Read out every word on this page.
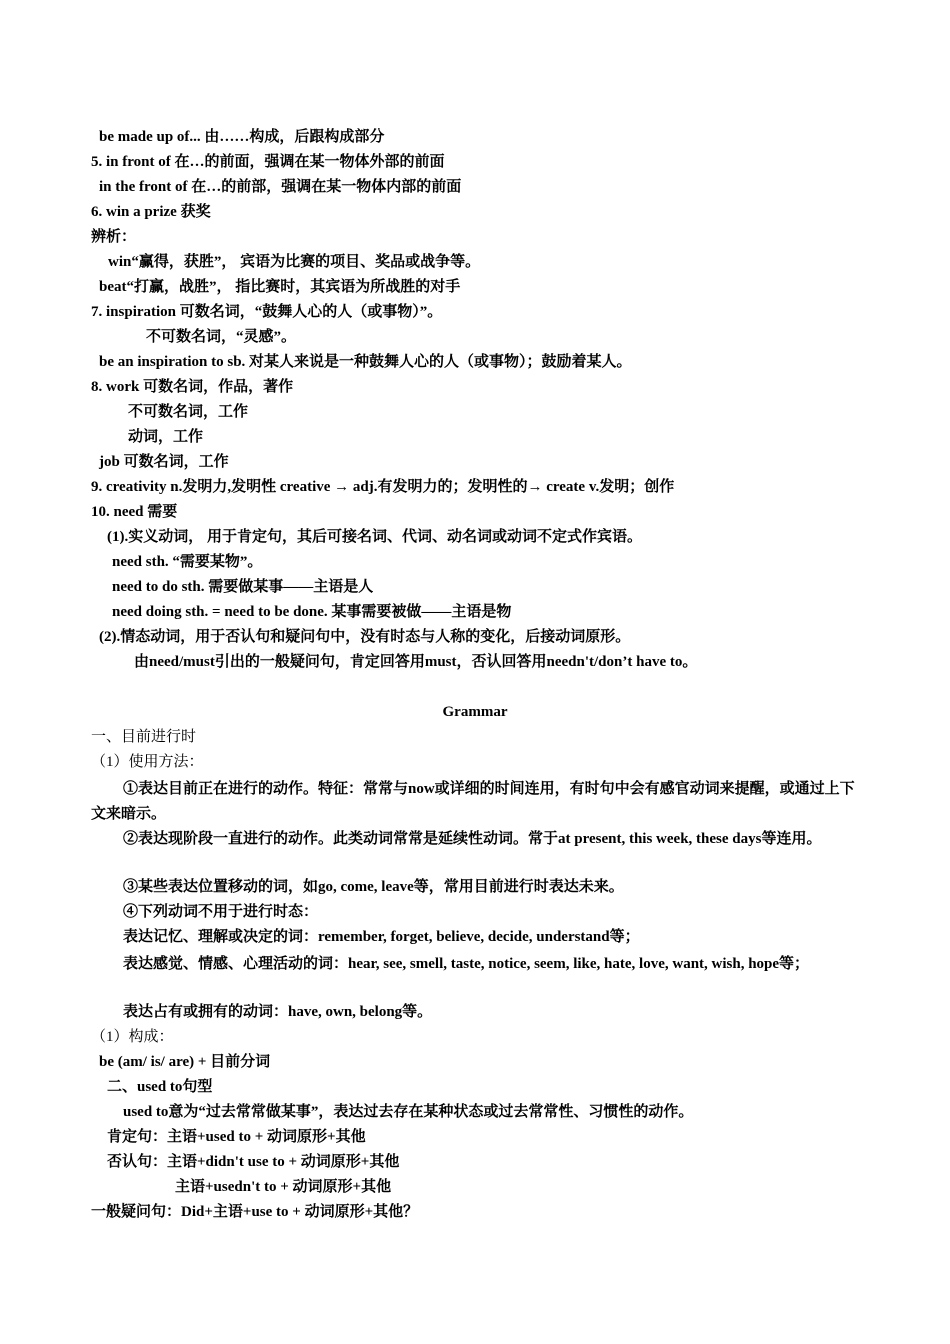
be made up of... 由……构成，后跟构成部分
5. in front of 在…的前面，强调在某一物体外部的前面
in the front of 在…的前部，强调在某一物体内部的前面
6. win a prize 获奖
辨析：
win“赢得，获胜”， 宾语为比赛的项目、奖品或战争等。
beat“打赢，战胜”， 指比赛时，其宾语为所战胜的对手
7. inspiration 可数名词，“鼓舞人心的人（或事物）”。
不可数名词，“灵感”。
be an inspiration to sb. 对某人来说是一种鼓舞人心的人（或事物）；鼓励着某人。
8. work 可数名词，作品，著作
不可数名词，工作
动词，工作
job 可数名词，工作
9. creativity n.发明力,发明性 creative → adj.有发明力的；发明性的→ create v.发明；创作
10. need 需要
(1).实义动词， 用于肯定句，其后可接名词、代词、动名词或动词不定式作宾语。
need sth. “需要某物”。
need to do sth. 需要做某事——主语是人
need doing sth. = need to be done. 某事需要被做——主语是物
(2).情态动词，用于否认句和疑问句中，没有时态与人称的变化，后接动词原形。
由need/must引出的一般疑问句，肯定回答用must，否认回答用needn't/don’t have to。
Grammar
一、目前进行时
（1）使用方法：
①表达目前正在进行的动作。特征：常常与now或详细的时间连用，有时句中会有感官动词来提醒，或通过上下文来暗示。
②表达现阶段一直进行的动作。此类动词常常是延续性动词。常于at present, this week, these days等连用。
③某些表达位置移动的词，如go, come, leave等，常用目前进行时表达未来。
④下列动词不用于进行时态：
表达记忆、理解或决定的词：remember, forget, believe, decide, understand等；
表达感觉、情感、心理活动的词：hear, see, smell, taste, notice, seem, like, hate, love, want, wish, hope等；
表达占有或拥有的动词：have, own, belong等。
（1）构成：
be (am/ is/ are) + 目前分词
二、used to句型
used to意为“过去常常做某事”，表达过去存在某种状态或过去常常性、习惯性的动作。
肯定句：主语+used to + 动词原形+其他
否认句：主语+didn't use to + 动词原形+其他
主语+usedn't to + 动词原形+其他
一般疑问句：Did+主语+use to + 动词原形+其他？
